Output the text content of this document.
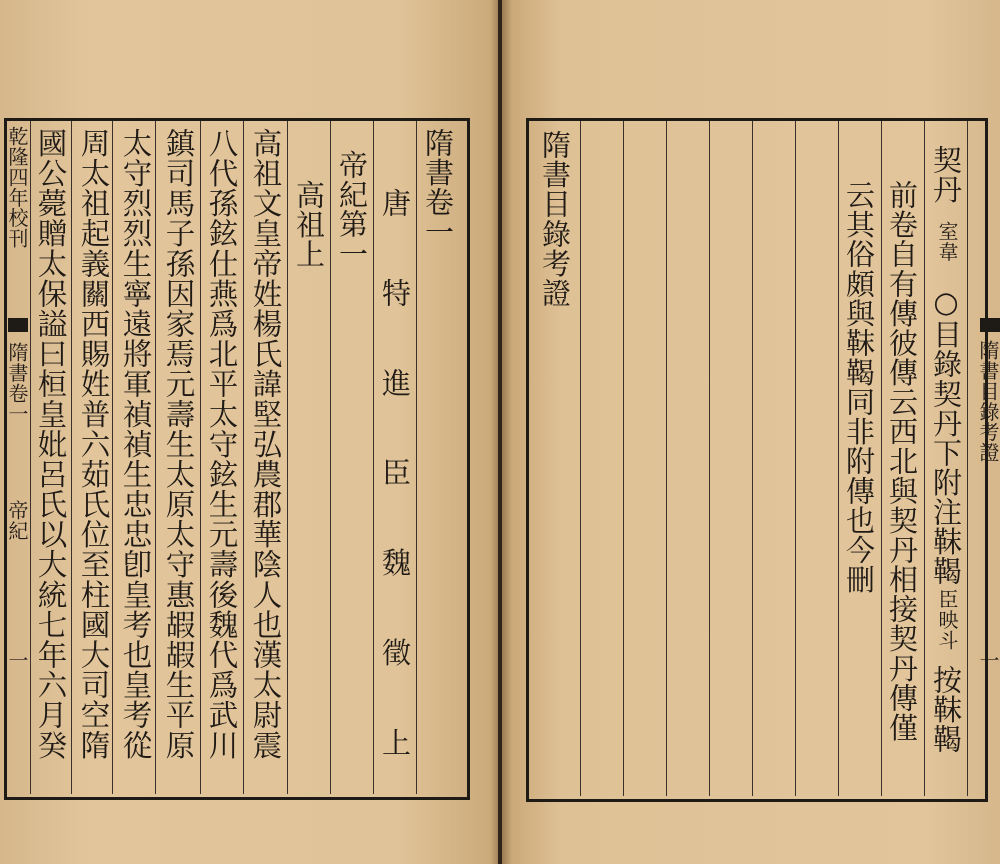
乾隆四年校刊
隋書卷一
帝紀
一 國公薨贈太保謚曰桓皇妣呂氏以大統七年六月癸 周太祖起義關西賜姓普六茹氏位至柱國大司空隋 太守烈烈生寧遠將軍禎禎生忠忠卽皇考也皇考從 鎮司馬子孫因家焉元壽生太原太守惠嘏嘏生平原 八代孫鉉仕燕爲北平太守鉉生元壽後魏代爲武川 高祖文皇帝姓楊氏諱堅弘農郡華陰人也漢太尉震 高祖上 帝紀第一 唐　特　進　臣　魏　徵　上
隋書卷一	隋書目錄考證	云其俗頗與靺鞨同非附傳也今刪 前卷自有傳彼傳云西北與契丹相接契丹傳僅
契丹
室韋
○目錄契丹下附注靺鞨
臣映斗
按靺鞨
隋書目錄考證
一
